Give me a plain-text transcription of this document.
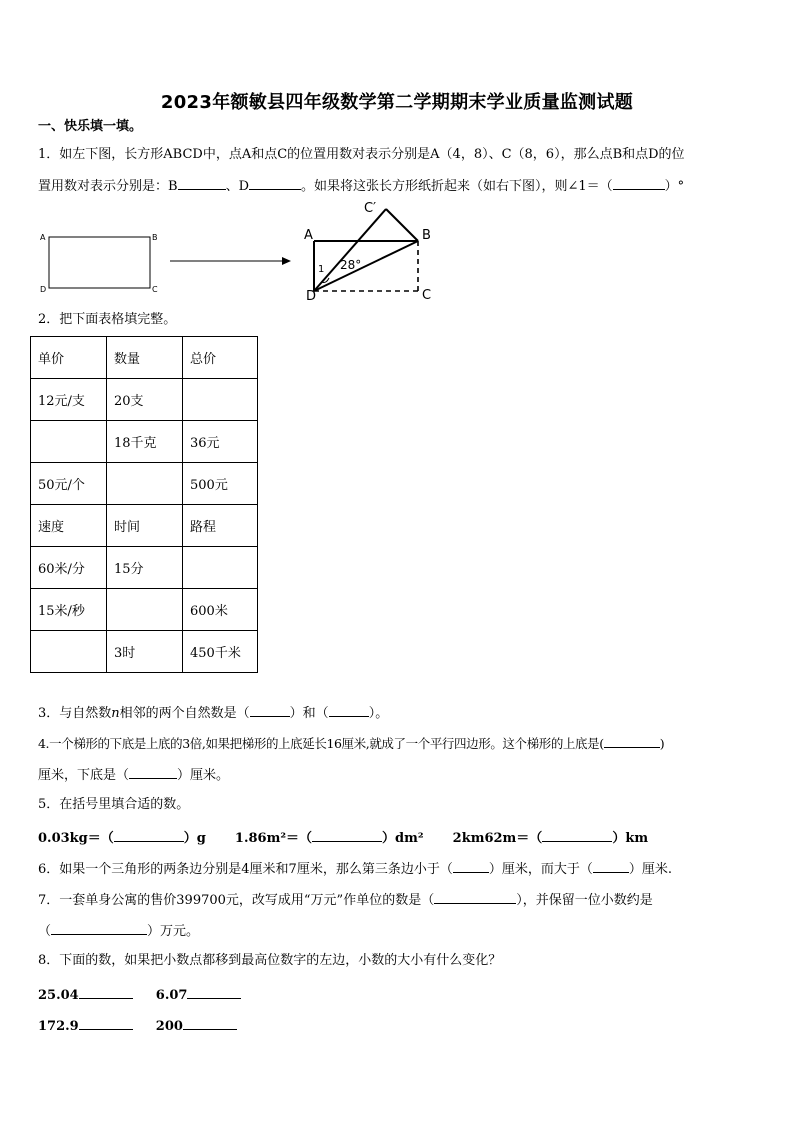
2023年额敏县四年级数学第二学期期末学业质量监测试题
一、快乐填一填。
1．如左下图，长方形ABCD中，点A和点C的位置用数对表示分别是A（4，8）、C（8，6），那么点B和点D的位
置用数对表示分别是：B	、D	。如果将这张长方形纸折起来（如右下图），则∠1＝（	）°
A	B
D	C
A	B
C
D
C′
1 28°
2．把下面表格填完整。
单价	数量	总价
12元/支	20支	
	18千克	36元
50元/个		500元
速度	时间	路程
60米/分	15分	
15米/秒		600米
	3时	450千米
3．与自然数n相邻的两个自然数是（	）和（	）。
4.一个梯形的下底是上底的3倍,如果把梯形的上底延长16厘米,就成了一个平行四边形。这个梯形的上底是(	)
厘米，下底是（	）厘米。
5．在括号里填合适的数。
0.03kg＝（	）g 1.86m²＝（	）dm² 2km62m＝（	）km
6．如果一个三角形的两条边分别是4厘米和7厘米，那么第三条边小于（	）厘米，而大于（	）厘米.
7．一套单身公寓的售价399700元，改写成用“万元”作单位的数是（	），并保留一位小数约是
（	）万元。
8．下面的数，如果把小数点都移到最高位数字的左边，小数的大小有什么变化？
25.04	6.07
172.9	200
